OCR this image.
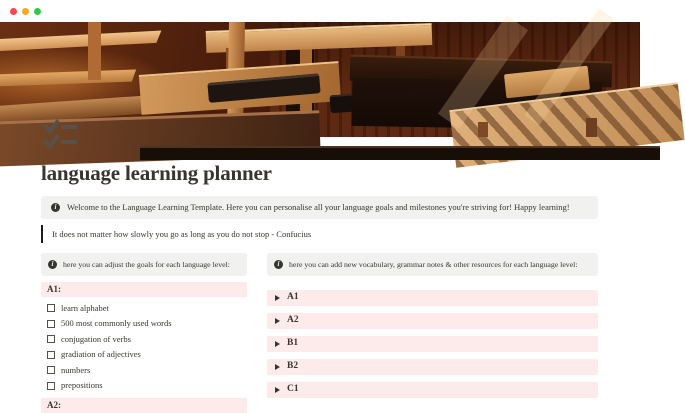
language learning planner
i	Welcome to the Language Learning Template. Here you can personalise all your language goals and milestones you're striving for! Happy learning!
It does not matter how slowly you go as long as you do not stop - Confucius
i	here you can adjust the goals for each language level:
A1:
learn alphabet
500 most commonly used words
conjugation of verbs
gradiation of adjectives
numbers
prepositions
A2:
i	here you can add new vocabulary, grammar notes & other resources for each language level:
A1
A2
B1
B2
C1
